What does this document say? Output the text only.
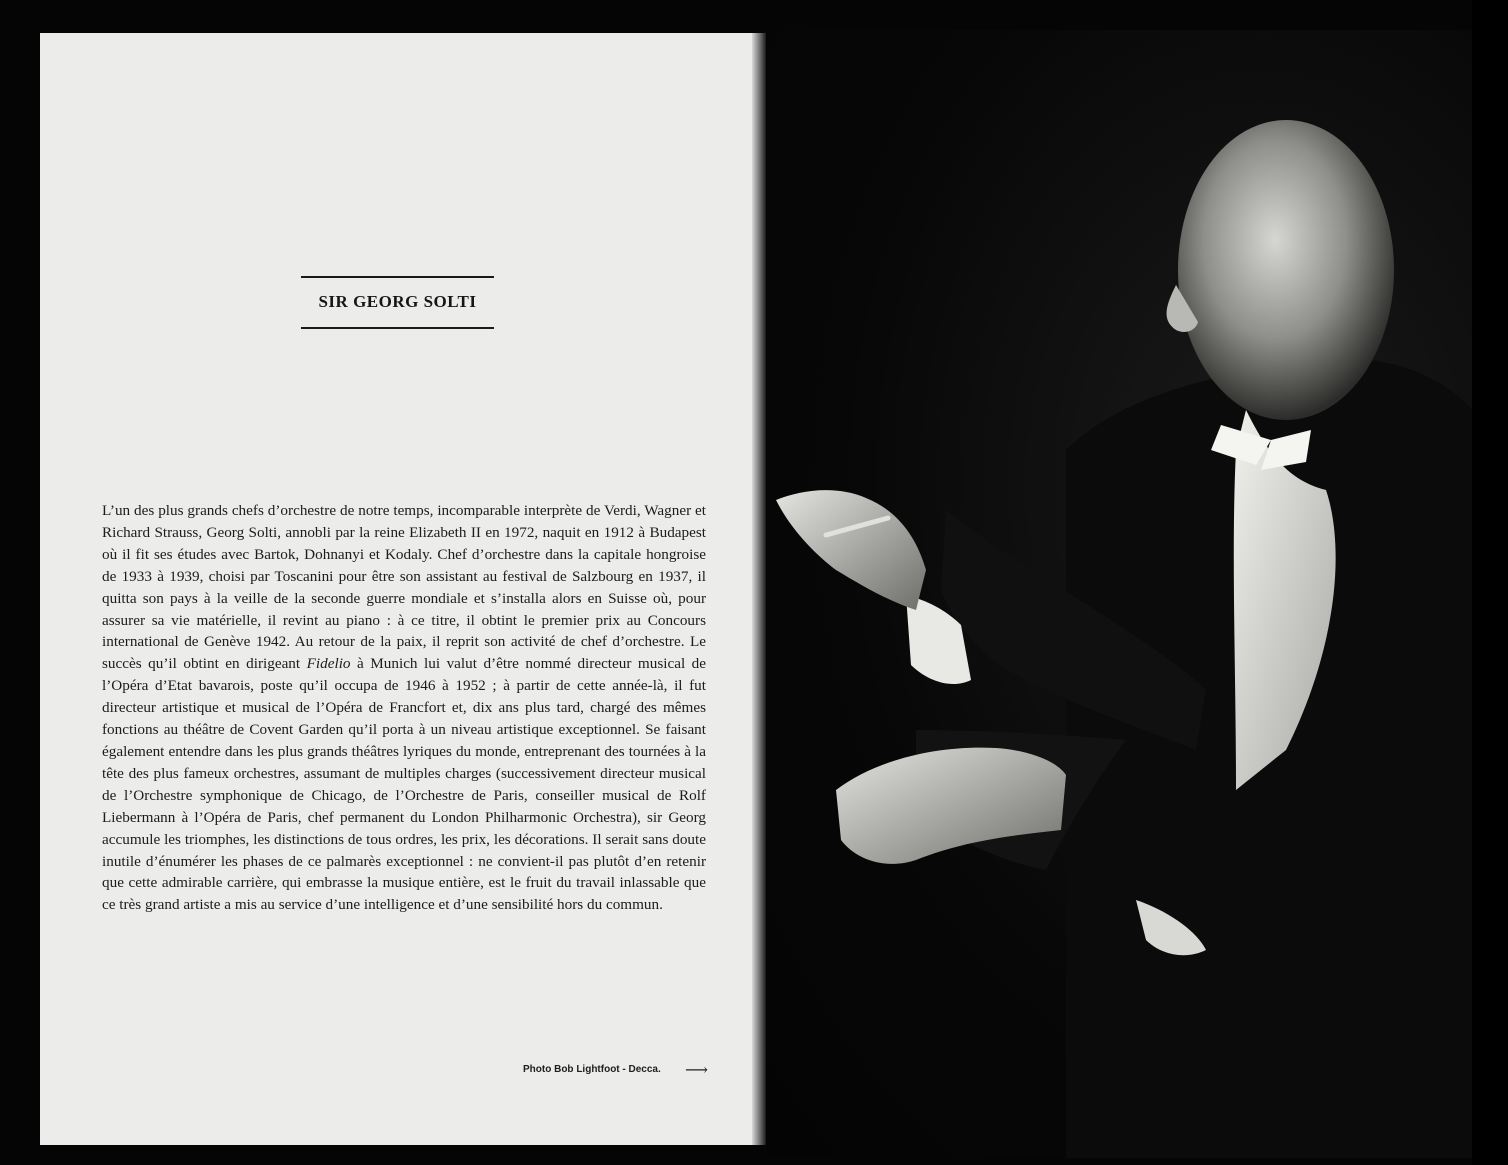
SIR GEORG SOLTI

L’un des plus grands chefs d’orchestre de notre temps, incomparable interprète de Verdi, Wagner et Richard Strauss, Georg Solti, annobli par la reine Elizabeth II en 1972, naquit en 1912 à Budapest où il fit ses études avec Bartok, Dohnanyi et Kodaly. Chef d’orchestre dans la capitale hongroise de 1933 à 1939, choisi par Toscanini pour être son assistant au festival de Salzbourg en 1937, il quitta son pays à la veille de la seconde guerre mondiale et s’installa alors en Suisse où, pour assurer sa vie matérielle, il revint au piano : à ce titre, il obtint le premier prix au Concours international de Genève 1942. Au retour de la paix, il reprit son activité de chef d’orchestre. Le succès qu’il obtint en dirigeant Fidelio à Munich lui valut d’être nommé directeur musical de l’Opéra d’Etat bavarois, poste qu’il occupa de 1946 à 1952 ; à partir de cette année-là, il fut directeur artistique et musical de l’Opéra de Francfort et, dix ans plus tard, chargé des mêmes fonctions au théâtre de Covent Garden qu’il porta à un niveau artistique exceptionnel. Se faisant également entendre dans les plus grands théâtres lyriques du monde, entreprenant des tournées à la tête des plus fameux orchestres, assumant de multiples charges (successivement directeur musical de l’Orchestre symphonique de Chicago, de l’Orchestre de Paris, conseiller musical de Rolf Liebermann à l’Opéra de Paris, chef permanent du London Philharmonic Orchestra), sir Georg accumule les triomphes, les distinctions de tous ordres, les prix, les décorations. Il serait sans doute inutile d’énumérer les phases de ce palmarès exceptionnel : ne convient-il pas plutôt d’en retenir que cette admirable carrière, qui embrasse la musique entière, est le fruit du travail inlassable que ce très grand artiste a mis au service d’une intelligence et d’une sensibilité hors du commun.

Photo Bob Lightfoot - Decca. ⟶
